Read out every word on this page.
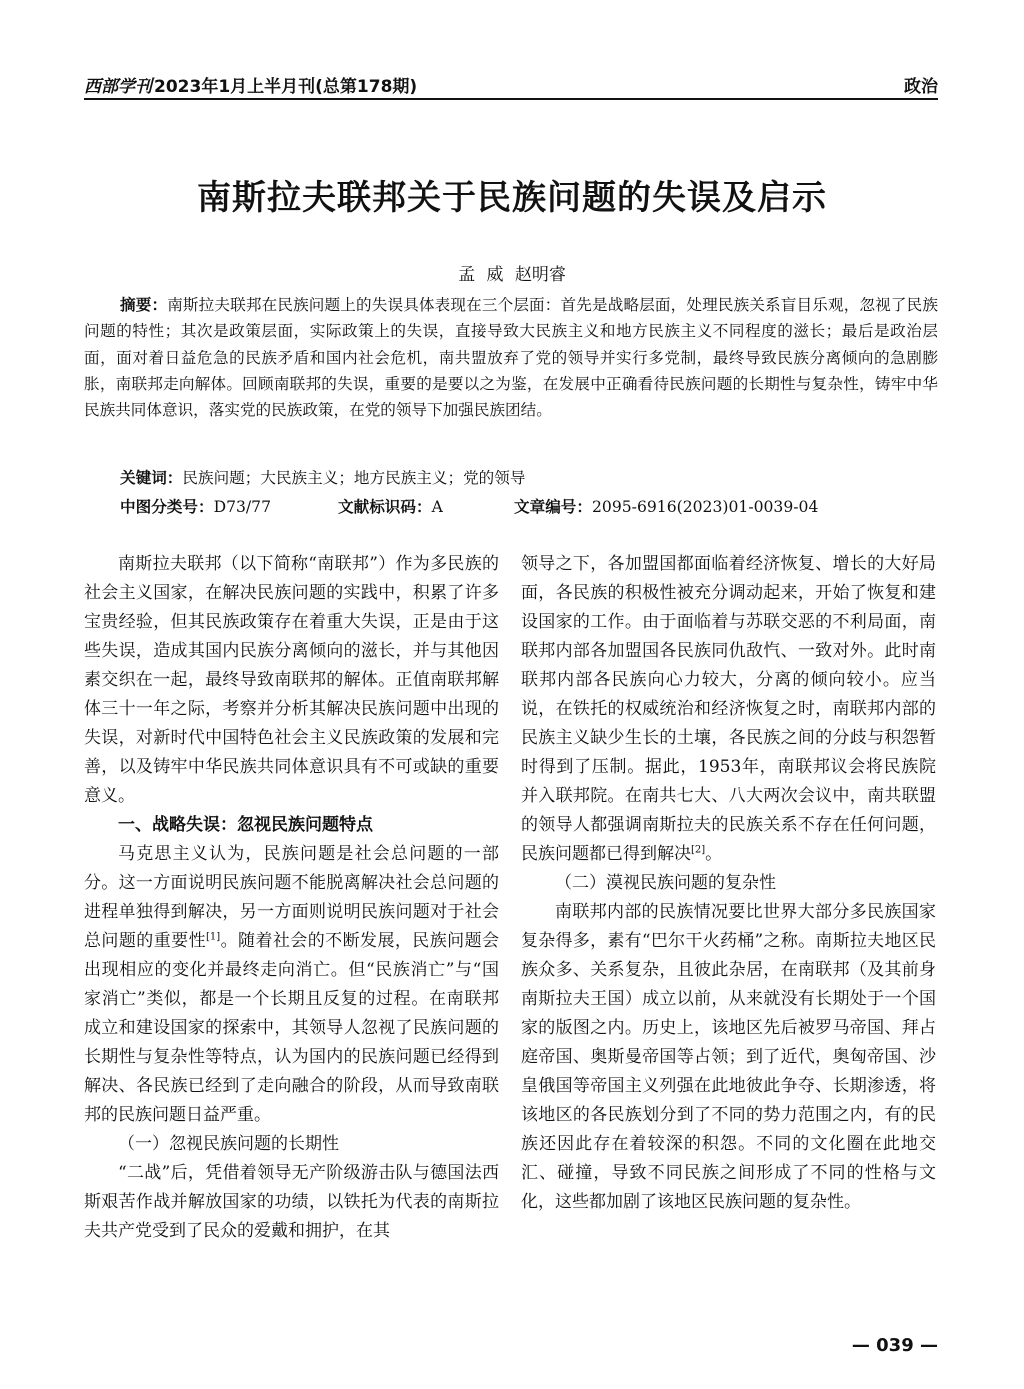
西部学刊 2023年1月上半月刊(总第178期)	政治
南斯拉夫联邦关于民族问题的失误及启示
孟 威 赵明睿
摘要：南斯拉夫联邦在民族问题上的失误具体表现在三个层面：首先是战略层面，处理民族关系盲目乐观，忽视了民族问题的特性；其次是政策层面，实际政策上的失误，直接导致大民族主义和地方民族主义不同程度的滋长；最后是政治层面，面对着日益危急的民族矛盾和国内社会危机，南共盟放弃了党的领导并实行多党制，最终导致民族分离倾向的急剧膨胀，南联邦走向解体。回顾南联邦的失误，重要的是要以之为鉴，在发展中正确看待民族问题的长期性与复杂性，铸牢中华民族共同体意识，落实党的民族政策，在党的领导下加强民族团结。
关键词：民族问题；大民族主义；地方民族主义；党的领导
中图分类号：D73/77	文献标识码：A	文章编号：2095-6916(2023)01-0039-04

南斯拉夫联邦（以下简称“南联邦”）作为多民族的社会主义国家，在解决民族问题的实践中，积累了许多宝贵经验，但其民族政策存在着重大失误，正是由于这些失误，造成其国内民族分离倾向的滋长，并与其他因素交织在一起，最终导致南联邦的解体。正值南联邦解体三十一年之际，考察并分析其解决民族问题中出现的失误，对新时代中国特色社会主义民族政策的发展和完善，以及铸牢中华民族共同体意识具有不可或缺的重要意义。

一、战略失误：忽视民族问题特点

马克思主义认为，民族问题是社会总问题的一部分。这一方面说明民族问题不能脱离解决社会总问题的进程单独得到解决，另一方面则说明民族问题对于社会总问题的重要性[1]。随着社会的不断发展，民族问题会出现相应的变化并最终走向消亡。但“民族消亡”与“国家消亡”类似，都是一个长期且反复的过程。在南联邦成立和建设国家的探索中，其领导人忽视了民族问题的长期性与复杂性等特点，认为国内的民族问题已经得到解决、各民族已经到了走向融合的阶段，从而导致南联邦的民族问题日益严重。

（一）忽视民族问题的长期性

“二战”后，凭借着领导无产阶级游击队与德国法西斯艰苦作战并解放国家的功绩，以铁托为代表的南斯拉夫共产党受到了民众的爱戴和拥护，在其

领导之下，各加盟国都面临着经济恢复、增长的大好局面，各民族的积极性被充分调动起来，开始了恢复和建设国家的工作。由于面临着与苏联交恶的不利局面，南联邦内部各加盟国各民族同仇敌忾、一致对外。此时南联邦内部各民族向心力较大，分离的倾向较小。应当说，在铁托的权威统治和经济恢复之时，南联邦内部的民族主义缺少生长的土壤，各民族之间的分歧与积怨暂时得到了压制。据此，1953年，南联邦议会将民族院并入联邦院。在南共七大、八大两次会议中，南共联盟的领导人都强调南斯拉夫的民族关系不存在任何问题，民族问题都已得到解决[2]。

（二）漠视民族问题的复杂性

南联邦内部的民族情况要比世界大部分多民族国家复杂得多，素有“巴尔干火药桶”之称。南斯拉夫地区民族众多、关系复杂，且彼此杂居，在南联邦（及其前身南斯拉夫王国）成立以前，从来就没有长期处于一个国家的版图之内。历史上，该地区先后被罗马帝国、拜占庭帝国、奥斯曼帝国等占领；到了近代，奥匈帝国、沙皇俄国等帝国主义列强在此地彼此争夺、长期渗透，将该地区的各民族划分到了不同的势力范围之内，有的民族还因此存在着较深的积怨。不同的文化圈在此地交汇、碰撞，导致不同民族之间形成了不同的性格与文化，这些都加剧了该地区民族问题的复杂性。

— 039 —
